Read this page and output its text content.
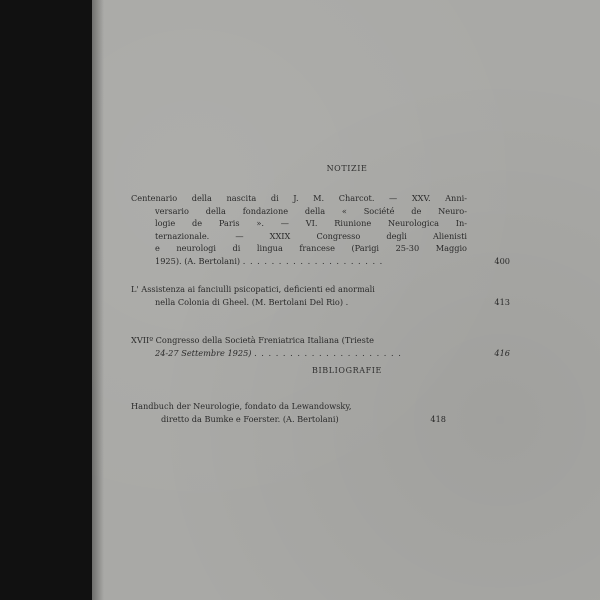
NOTIZIE
Centenario della nascita di J. M. Charcot. — XXV. Anni-
versario della fondazione della « Société de Neuro-
logie de Paris ». — VI. Riunione Neurologica In-
ternazionale. — XXIX Congresso degli Alienisti
e neurologi di lingua francese (Parigi 25-30 Maggio
1925). (A. Bertolani) . . . . . . . . . . . . . . . . . . . .	400
L' Assistenza ai fanciulli psicopatici, deficienti ed anormali
nella Colonia di Gheel. (M. Bertolani Del Rio) .	413
XVIIº Congresso della Società Freniatrica Italiana (Trieste
24-27 Settembre 1925) . . . . . . . . . . . . . . . . . . . . .	416
BIBLIOGRAFIE
Handbuch der Neurologie, fondato da Lewandowsky,
diretto da Bumke e Foerster. (A. Bertolani)	418
